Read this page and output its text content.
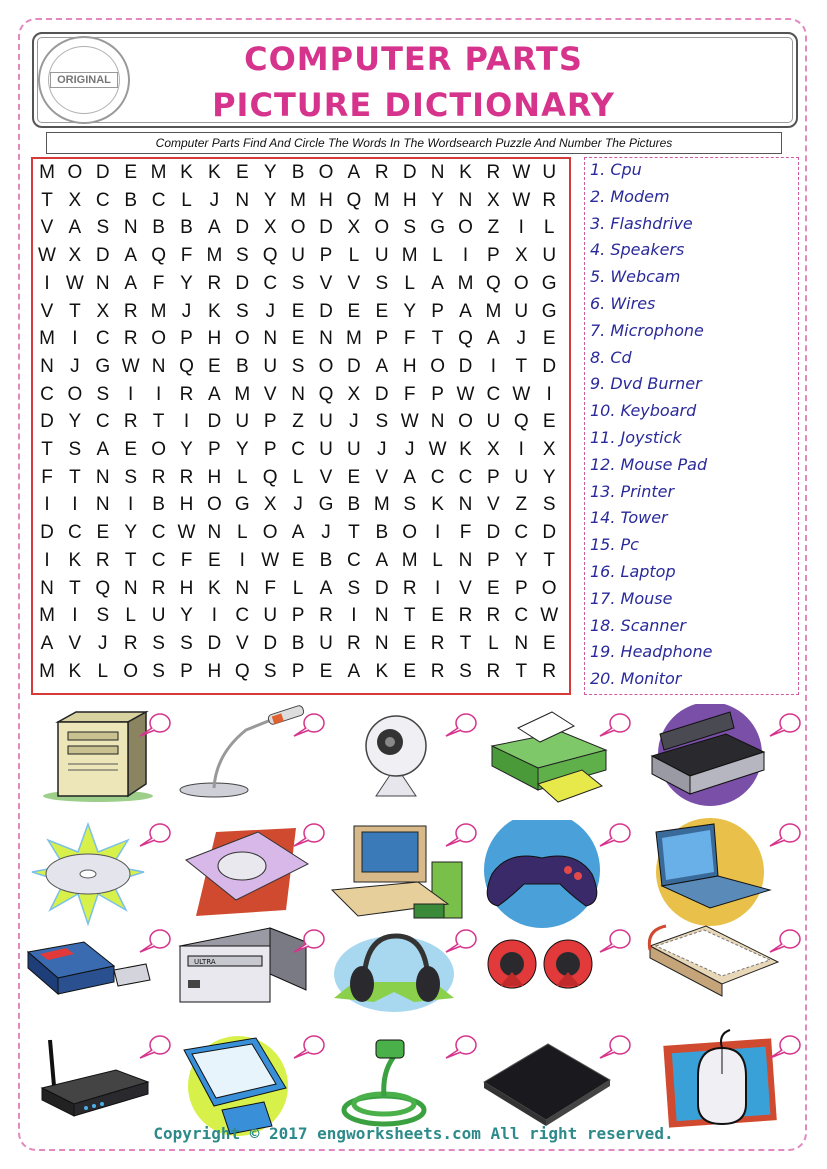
ORIGINAL
COMPUTER PARTS
PICTURE DICTIONARY
Computer Parts Find And Circle The Words In The Wordsearch Puzzle And Number The Pictures
M O D E M K K E Y B O A R D N K R W U
T X C B C L J N Y M H Q M H Y N X W R
V A S N B B A D X O D X O S G O Z	I	L
W X D A Q F M S Q U P L U M L	I P X U
I W N A F Y R D C S V V S L A M Q O G
V T X R M J K S J E D E E Y P A M U G
M I C R O P H O N E N M P F T Q A J E
N J G W N Q E B U S O D A H O D I	T D
C O S I	I R A M V N Q X D F P W C W I
D Y C R T	I D U P Z U J S W N O U Q E
T S A E O Y P Y P C U U J J W K X I X
F T N S R R H L Q L V E V A C C P U Y
I	I N I B H O G X J G B M S K N V Z S
D C E Y C W N L O A J T B O I	F D C D
I K R T C F E I W E B C A M L N P Y T
N T Q N R H K N F L A S D R I V E P O
M I S L U Y I C U P R I N T E R R C W
A V J R S S D V D B U R N E R T L N E
M K L O S P H Q S P E A K E R S R T R
1. Cpu
2. Modem
3. Flashdrive
4. Speakers
5. Webcam
6. Wires
7. Microphone
8. Cd
9. Dvd Burner
10. Keyboard
11. Joystick
12. Mouse Pad
13. Printer
14. Tower
15. Pc
16. Laptop
17. Mouse
18. Scanner
19. Headphone
20. Monitor
ULTRA
Copyright © 2017 engworksheets.com All right reserved.
